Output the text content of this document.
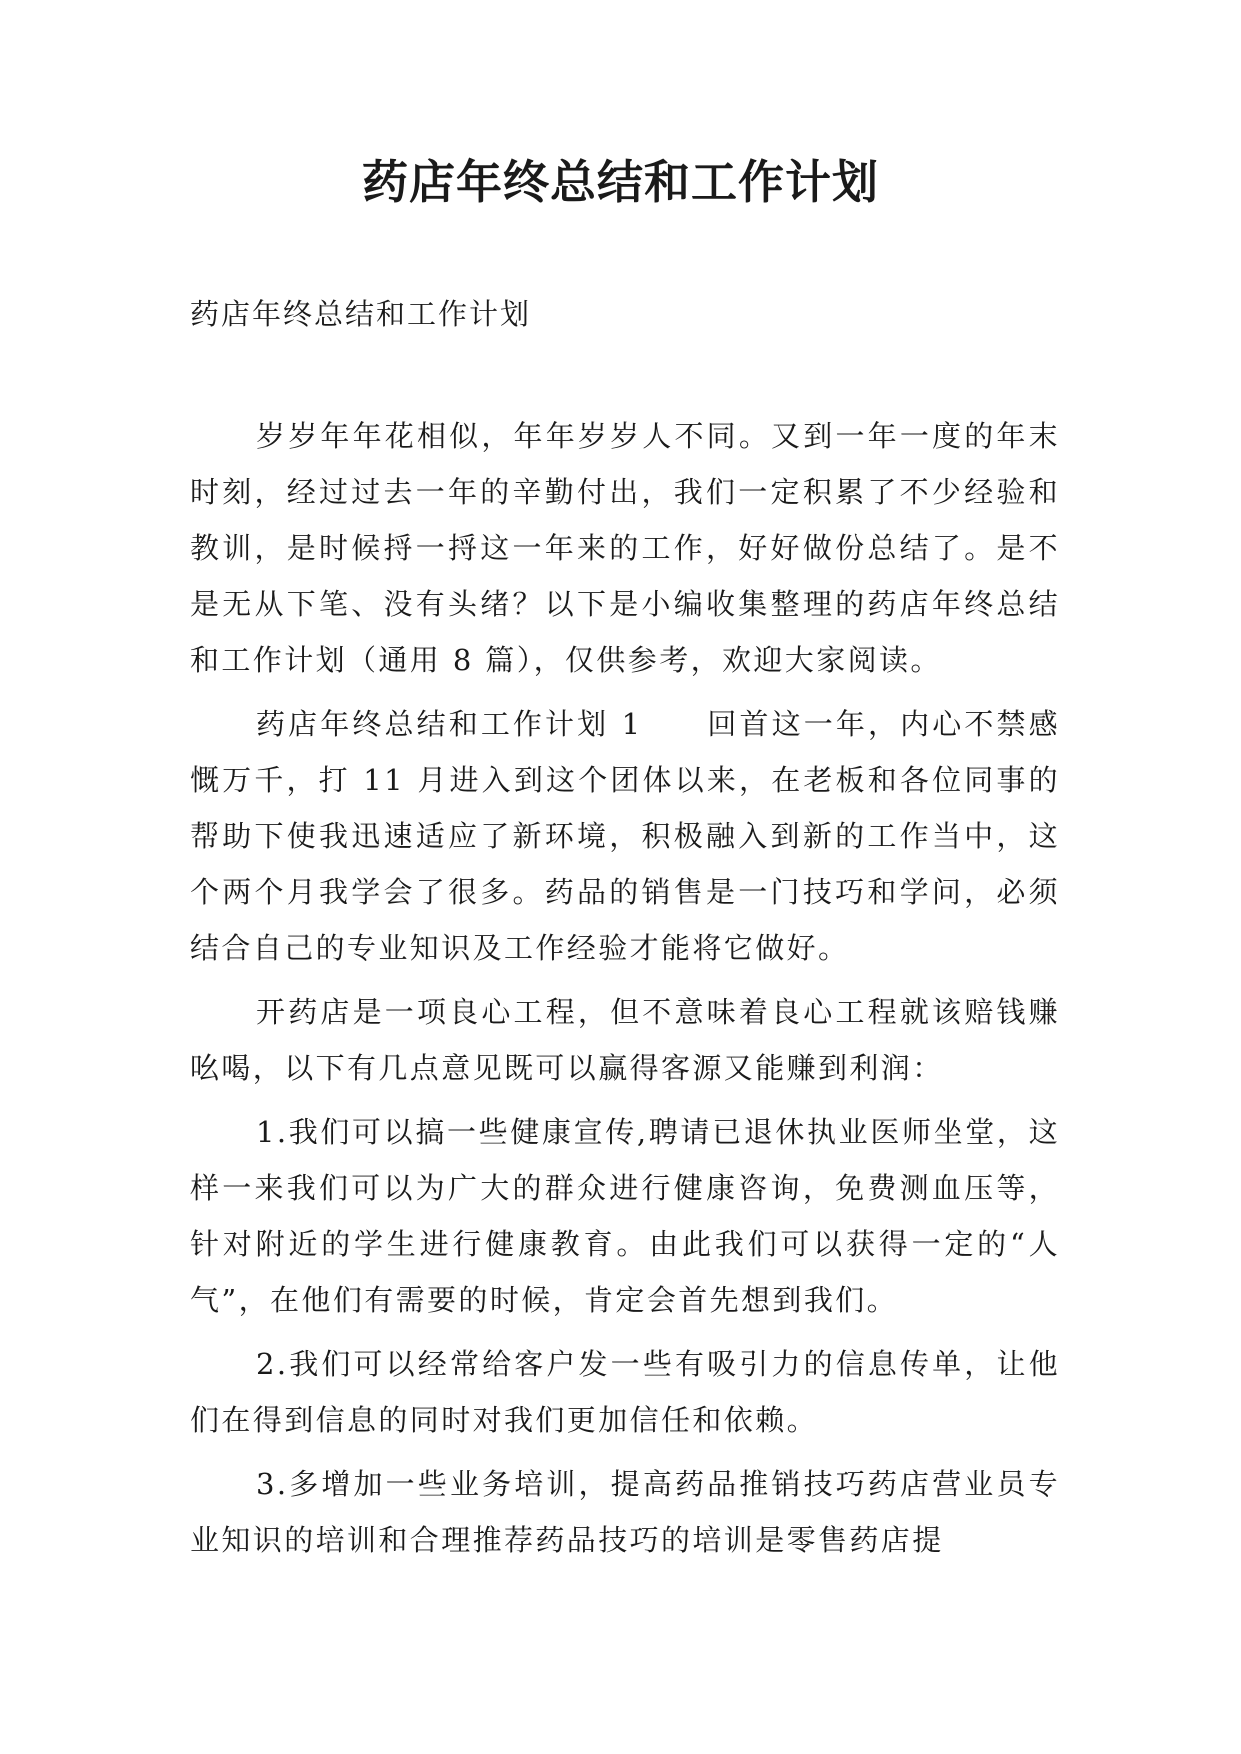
药店年终总结和工作计划
药店年终总结和工作计划

岁岁年年花相似，年年岁岁人不同。又到一年一度的年末时刻，经过过去一年的辛勤付出，我们一定积累了不少经验和教训，是时候捋一捋这一年来的工作，好好做份总结了。是不是无从下笔、没有头绪？以下是小编收集整理的药店年终总结和工作计划（通用 8 篇），仅供参考，欢迎大家阅读。

药店年终总结和工作计划 1　　回首这一年，内心不禁感慨万千，打 11 月进入到这个团体以来，在老板和各位同事的帮助下使我迅速适应了新环境，积极融入到新的工作当中，这个两个月我学会了很多。药品的销售是一门技巧和学问，必须结合自己的专业知识及工作经验才能将它做好。

开药店是一项良心工程，但不意味着良心工程就该赔钱赚吆喝，以下有几点意见既可以赢得客源又能赚到利润：

1.我们可以搞一些健康宣传,聘请已退休执业医师坐堂，这样一来我们可以为广大的群众进行健康咨询，免费测血压等，针对附近的学生进行健康教育。由此我们可以获得一定的“人气”，在他们有需要的时候，肯定会首先想到我们。

2.我们可以经常给客户发一些有吸引力的信息传单，让他们在得到信息的同时对我们更加信任和依赖。

3.多增加一些业务培训，提高药品推销技巧药店营业员专业知识的培训和合理推荐药品技巧的培训是零售药店提
